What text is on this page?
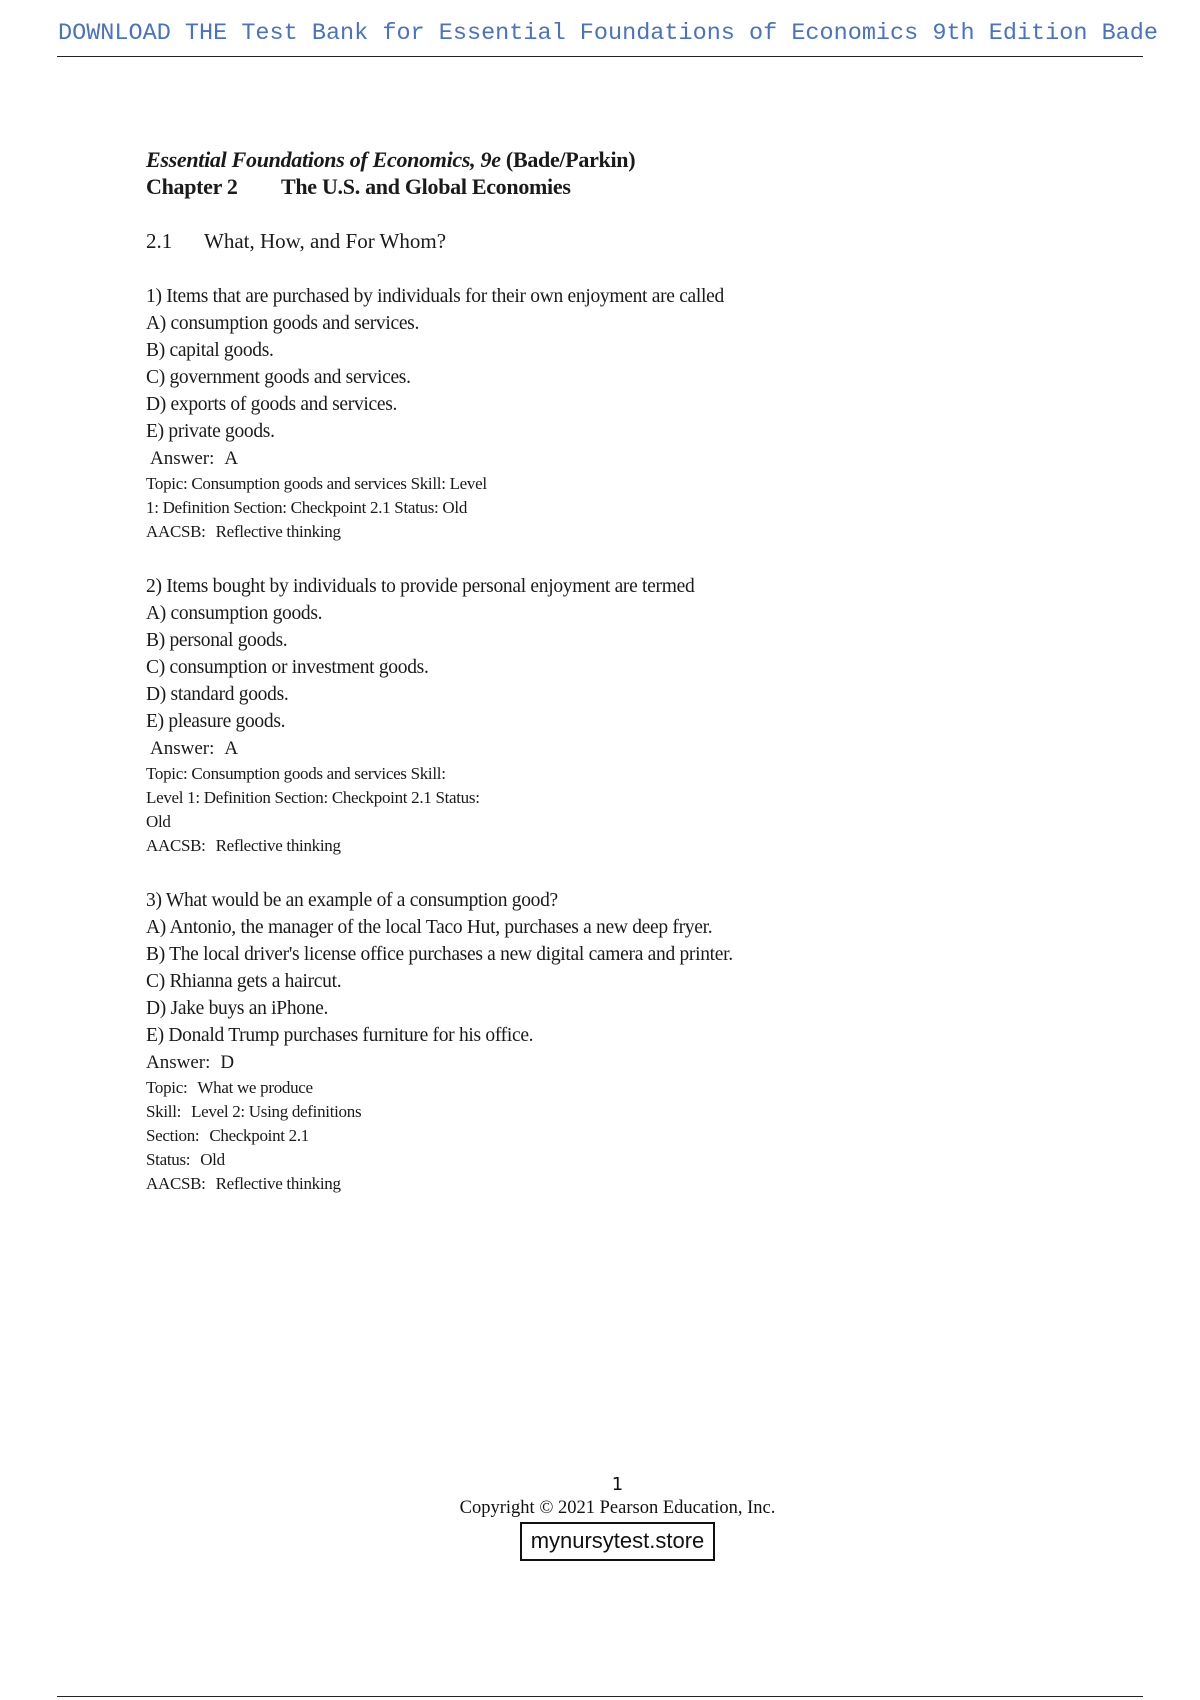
DOWNLOAD THE Test Bank for Essential Foundations of Economics 9th Edition Bade
Essential Foundations of Economics, 9e (Bade/Parkin)
Chapter 2 The U.S. and Global Economies
2.1 What, How, and For Whom?
1) Items that are purchased by individuals for their own enjoyment are called
A) consumption goods and services.
B) capital goods.
C) government goods and services.
D) exports of goods and services.
E) private goods.
Answer: A
Topic: Consumption goods and services Skill: Level 1: Definition Section: Checkpoint 2.1 Status: Old
AACSB: Reflective thinking
2) Items bought by individuals to provide personal enjoyment are termed
A) consumption goods.
B) personal goods.
C) consumption or investment goods.
D) standard goods.
E) pleasure goods.
Answer: A
Topic: Consumption goods and services Skill: Level 1: Definition Section: Checkpoint 2.1 Status: Old
AACSB: Reflective thinking
3) What would be an example of a consumption good?
A) Antonio, the manager of the local Taco Hut, purchases a new deep fryer.
B) The local driver's license office purchases a new digital camera and printer.
C) Rhianna gets a haircut.
D) Jake buys an iPhone.
E) Donald Trump purchases furniture for his office.
Answer: D
Topic: What we produce
Skill: Level 2: Using definitions
Section: Checkpoint 2.1
Status: Old
AACSB: Reflective thinking
1
Copyright © 2021 Pearson Education, Inc.
mynursytest.store
